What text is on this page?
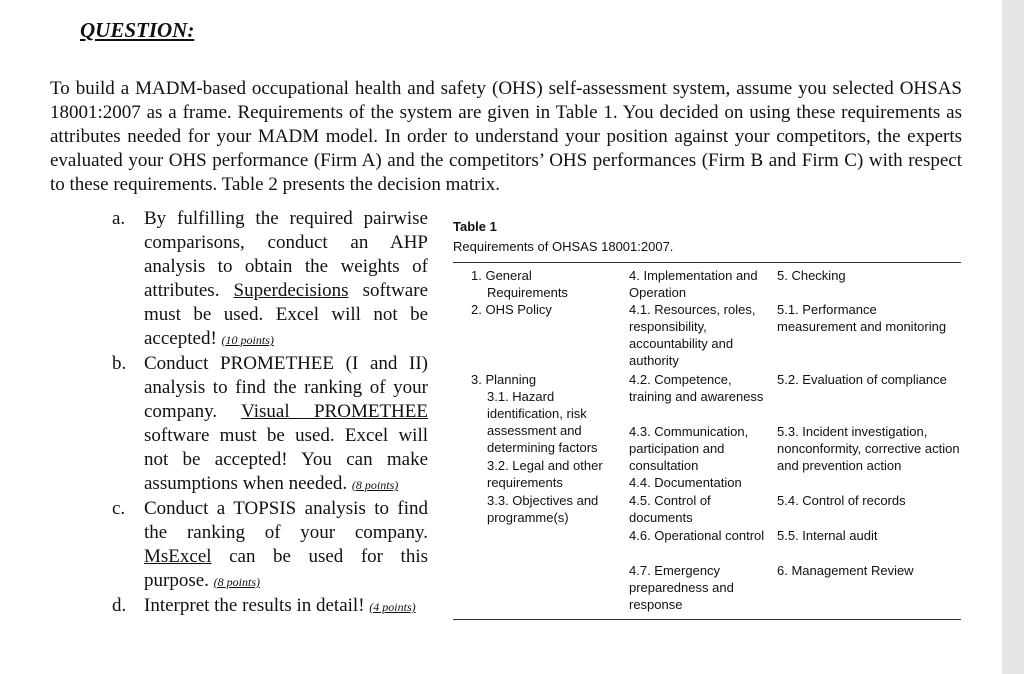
QUESTION:
To build a MADM-based occupational health and safety (OHS) self-assessment system, assume you selected OHSAS 18001:2007 as a frame. Requirements of the system are given in Table 1. You decided on using these requirements as attributes needed for your MADM model. In order to understand your position against your competitors, the experts evaluated your OHS performance (Firm A) and the competitors’ OHS performances (Firm B and Firm C) with respect to these requirements. Table 2 presents the decision matrix.
a. By fulfilling the required pairwise comparisons, conduct an AHP analysis to obtain the weights of attributes. Superdecisions software must be used. Excel will not be accepted! (10 points)
b. Conduct PROMETHEE (I and II) analysis to find the ranking of your company. Visual PROMETHEE software must be used. Excel will not be accepted! You can make assumptions when needed. (8 points)
c. Conduct a TOPSIS analysis to find the ranking of your company. MsExcel can be used for this purpose. (8 points)
d. Interpret the results in detail! (4 points)
Table 1
Requirements of OHSAS 18001:2007.
1. General
Requirements
2. OHS Policy
3. Planning
3.1. Hazard identification, risk assessment and determining factors
3.2. Legal and other requirements
3.3. Objectives and programme(s)
4. Implementation and Operation
4.1. Resources, roles, responsibility, accountability and authority
4.2. Competence, training and awareness
4.3. Communication, participation and consultation
4.4. Documentation
4.5. Control of documents
4.6. Operational control
4.7. Emergency preparedness and response
5. Checking
5.1. Performance measurement and monitoring
5.2. Evaluation of compliance
5.3. Incident investigation, nonconformity, corrective action and prevention action
5.4. Control of records
5.5. Internal audit
6. Management Review
